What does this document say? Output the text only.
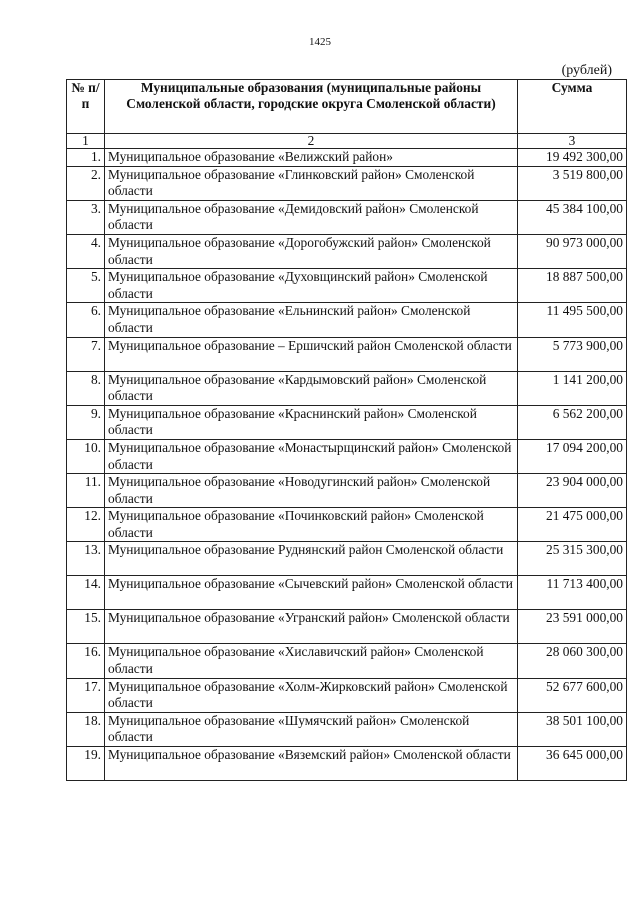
1425
(рублей)
№ п/п	Муниципальные образования (муниципальные районы Смоленской области, городские округа Смоленской области)	Сумма
1	2	3
1.	Муниципальное образование «Велижский район»	19 492 300,00
2.	Муниципальное образование «Глинковский район» Смоленской области	3 519 800,00
3.	Муниципальное образование «Демидовский район» Смоленской области	45 384 100,00
4.	Муниципальное образование «Дорогобужский район» Смоленской области	90 973 000,00
5.	Муниципальное образование «Духовщинский район» Смоленской области	18 887 500,00
6.	Муниципальное образование «Ельнинский район» Смоленской области	11 495 500,00
7.	Муниципальное образование – Ершичский район Смоленской области	5 773 900,00
8.	Муниципальное образование «Кардымовский район» Смоленской области	1 141 200,00
9.	Муниципальное образование «Краснинский район» Смоленской области	6 562 200,00
10.	Муниципальное образование «Монастырщинский район» Смоленской области	17 094 200,00
11.	Муниципальное образование «Новодугинский район» Смоленской области	23 904 000,00
12.	Муниципальное образование «Починковский район» Смоленской области	21 475 000,00
13.	Муниципальное образование Руднянский район Смоленской области	25 315 300,00
14.	Муниципальное образование «Сычевский район» Смоленской области	11 713 400,00
15.	Муниципальное образование «Угранский район» Смоленской области	23 591 000,00
16.	Муниципальное образование «Хиславичский район» Смоленской области	28 060 300,00
17.	Муниципальное образование «Холм-Жирковский район» Смоленской области	52 677 600,00
18.	Муниципальное образование «Шумячский район» Смоленской области	38 501 100,00
19.	Муниципальное образование «Вяземский район» Смоленской области	36 645 000,00
